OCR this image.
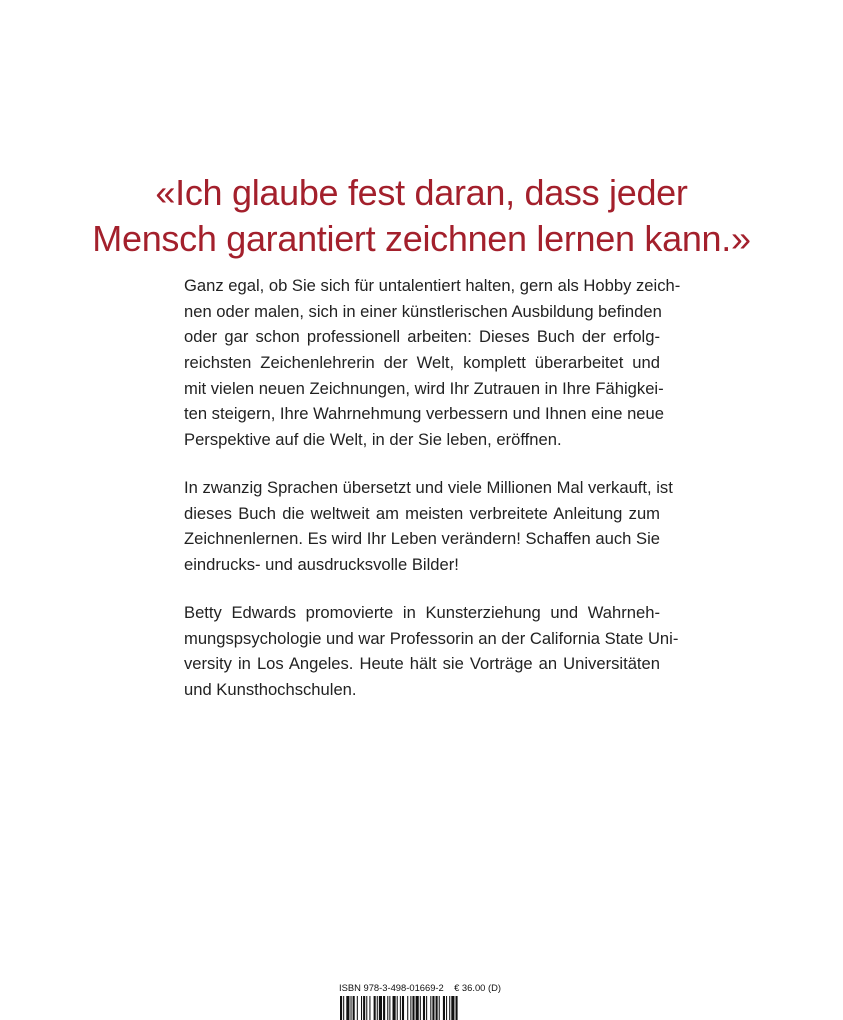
«Ich glaube fest daran, dass jeder
Mensch garantiert zeichnen lernen kann.»
Ganz egal, ob Sie sich für untalentiert halten, gern als Hobby zeich-
nen oder malen, sich in einer künstlerischen Ausbildung befinden
oder gar schon professionell arbeiten: Dieses Buch der erfolg-
reichsten Zeichenlehrerin der Welt, komplett überarbeitet und
mit vielen neuen Zeichnungen, wird Ihr Zutrauen in Ihre Fähigkei-
ten steigern, Ihre Wahrnehmung verbessern und Ihnen eine neue
Perspektive auf die Welt, in der Sie leben, eröffnen.
In zwanzig Sprachen übersetzt und viele Millionen Mal verkauft, ist
dieses Buch die weltweit am meisten verbreitete Anleitung zum
Zeichnenlernen. Es wird Ihr Leben verändern! Schaffen auch Sie
eindrucks- und ausdrucksvolle Bilder!
Betty Edwards promovierte in Kunsterziehung und Wahrneh-
mungspsychologie und war Professorin an der California State Uni-
versity in Los Angeles. Heute hält sie Vorträge an Universitäten
und Kunsthochschulen.
ISBN 978-3-498-01669-2 € 36.00 (D)
